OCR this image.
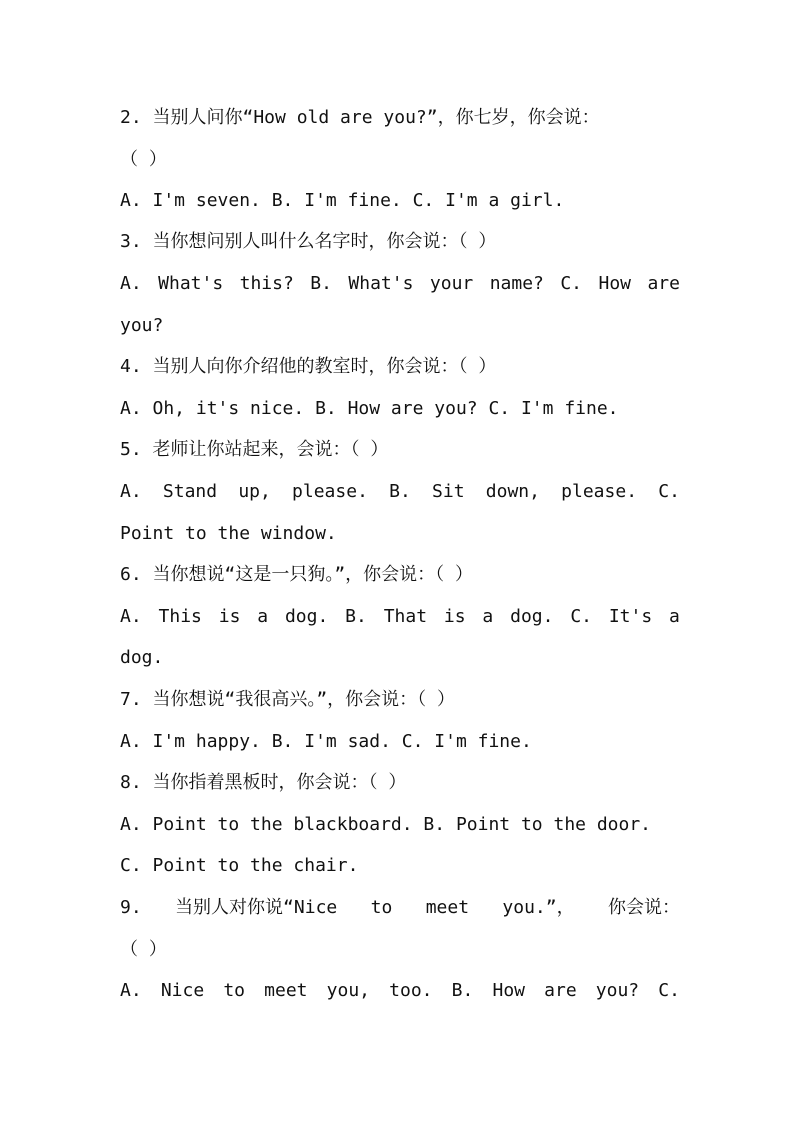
2. 当别人问你“How old are you?”，你七岁，你会说：
（ ）
A. I'm seven. B. I'm fine. C. I'm a girl.
3. 当你想问别人叫什么名字时，你会说：（ ）
A. What's this? B. What's your name? C. How are
you?
4. 当别人向你介绍他的教室时，你会说：（ ）
A. Oh, it's nice. B. How are you? C. I'm fine.
5. 老师让你站起来，会说：（ ）
A. Stand up, please. B. Sit down, please. C.
Point to the window.
6. 当你想说“这是一只狗。”，你会说：（ ）
A. This is a dog. B. That is a dog. C. It's a
dog.
7. 当你想说“我很高兴。”，你会说：（ ）
A. I'm happy. B. I'm sad. C. I'm fine.
8. 当你指着黑板时，你会说：（ ）
A. Point to the blackboard. B. Point to the door.
C. Point to the chair.
9. 当别人对你说“Nice to meet you.”， 你会说：
（ ）
A. Nice to meet you, too. B. How are you? C.
